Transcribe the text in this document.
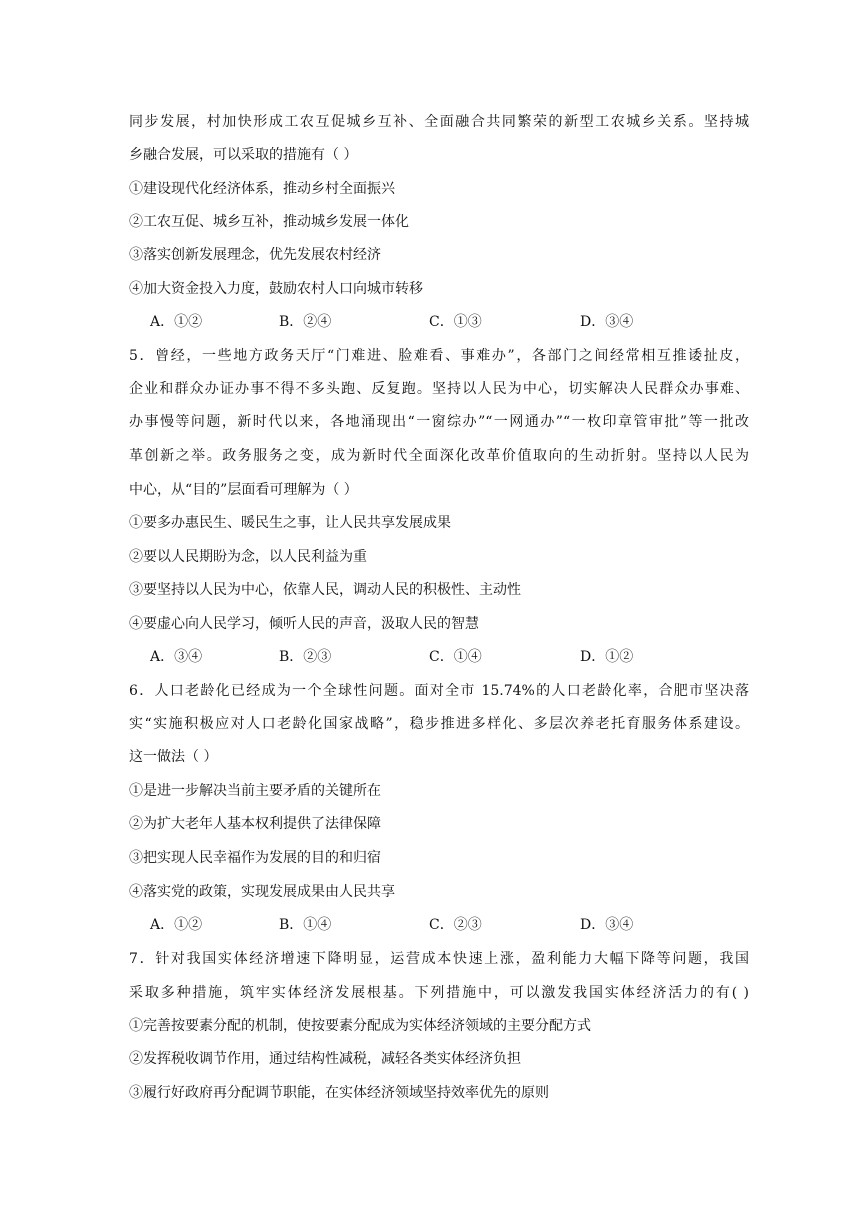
同步发展，村加快形成工农互促城乡互补、全面融合共同繁荣的新型工农城乡关系。坚持城
乡融合发展，可以采取的措施有（ ）
①建设现代化经济体系，推动乡村全面振兴
②工农互促、城乡互补，推动城乡发展一体化
③落实创新发展理念，优先发展农村经济
④加大资金投入力度，鼓励农村人口向城市转移
A．①②	B．②④	C．①③	D．③④
5．曾经，一些地方政务天厅“门难进、脸难看、事难办”，各部门之间经常相互推诿扯皮，
企业和群众办证办事不得不多头跑、反复跑。坚持以人民为中心，切实解决人民群众办事难、
办事慢等问题，新时代以来，各地涌现出“一窗综办”“一网通办”“一枚印章管审批”等一批改
革创新之举。政务服务之变，成为新时代全面深化改革价值取向的生动折射。坚持以人民为
中心，从“目的”层面看可理解为（ ）
①要多办惠民生、暖民生之事，让人民共享发展成果
②要以人民期盼为念，以人民利益为重
③要坚持以人民为中心，依靠人民，调动人民的积极性、主动性
④要虚心向人民学习，倾听人民的声音，汲取人民的智慧
A．③④	B．②③	C．①④	D．①②
6．人口老龄化已经成为一个全球性问题。面对全市 15.74%的人口老龄化率，合肥市坚决落
实“实施积极应对人口老龄化国家战略”，稳步推进多样化、多层次养老托育服务体系建设。
这一做法（ ）
①是进一步解决当前主要矛盾的关键所在
②为扩大老年人基本权利提供了法律保障
③把实现人民幸福作为发展的目的和归宿
④落实党的政策，实现发展成果由人民共享
A．①②	B．①④	C．②③	D．③④
7．针对我国实体经济增速下降明显，运营成本快速上涨，盈利能力大幅下降等问题，我国
采取多种措施，筑牢实体经济发展根基。下列措施中，可以激发我国实体经济活力的有( )
①完善按要素分配的机制，使按要素分配成为实体经济领域的主要分配方式
②发挥税收调节作用，通过结构性减税，减轻各类实体经济负担
③履行好政府再分配调节职能，在实体经济领域坚持效率优先的原则
